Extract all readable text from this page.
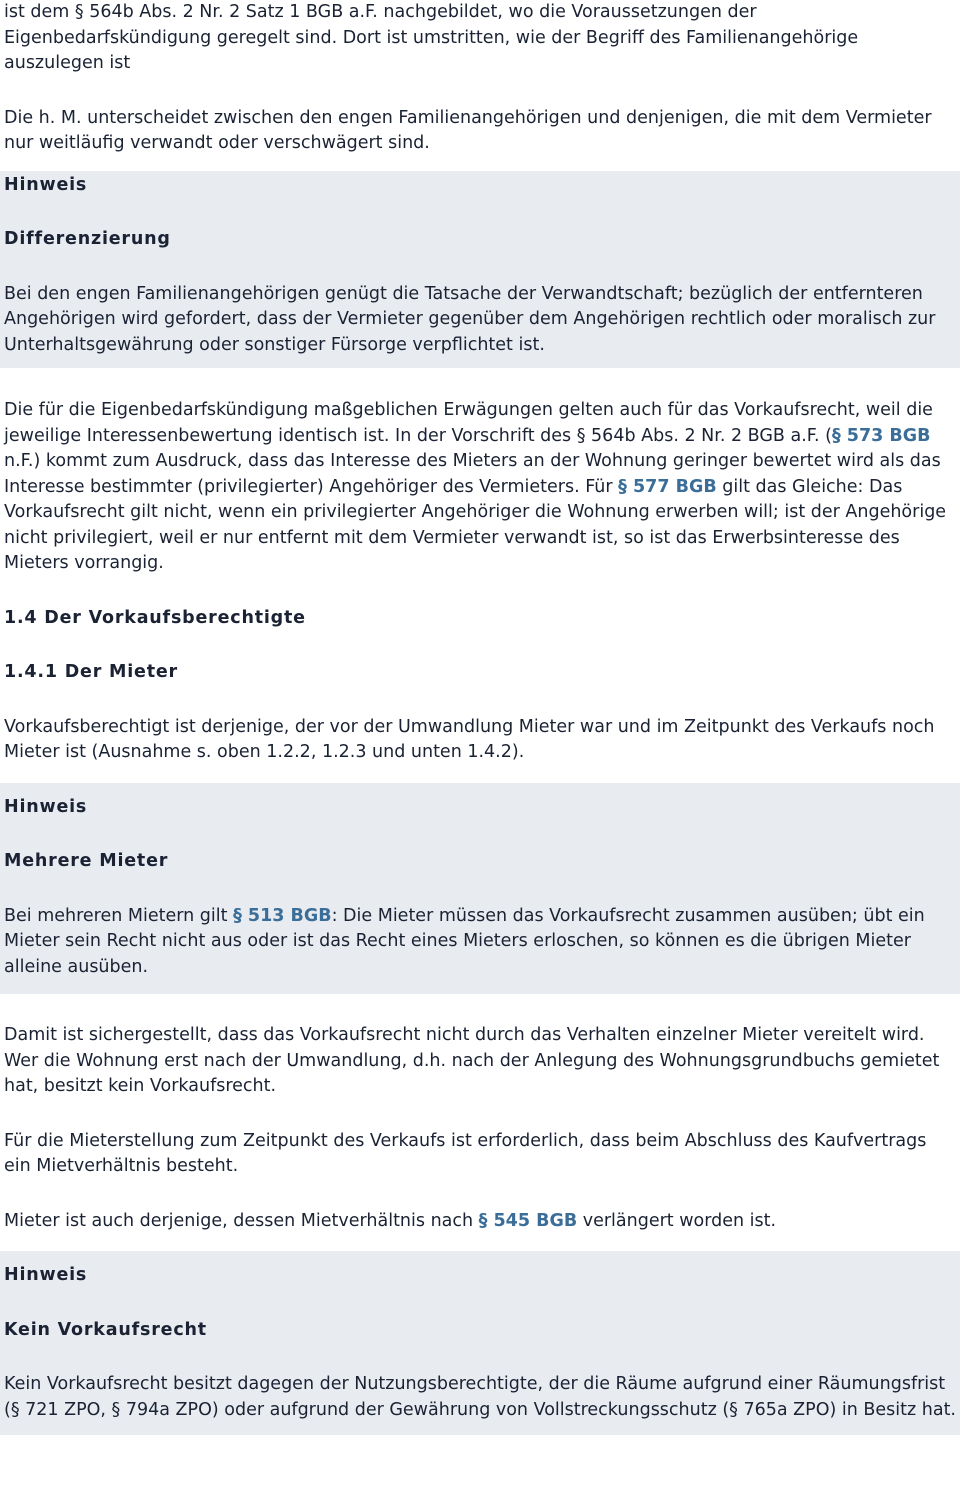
ist dem § 564b Abs. 2 Nr. 2 Satz 1 BGB a.F. nachgebildet, wo die Voraussetzungen der Eigenbedarfskündigung geregelt sind. Dort ist umstritten, wie der Begriff des Familienangehörige auszulegen ist

Die h. M. unterscheidet zwischen den engen Familienangehörigen und denjenigen, die mit dem Vermieter nur weitläufig verwandt oder verschwägert sind.

Hinweis

Differenzierung

Bei den engen Familienangehörigen genügt die Tatsache der Verwandtschaft; bezüglich der entfernteren Angehörigen wird gefordert, dass der Vermieter gegenüber dem Angehörigen rechtlich oder moralisch zur Unterhaltsgewährung oder sonstiger Fürsorge verpflichtet ist.

Die für die Eigenbedarfskündigung maßgeblichen Erwägungen gelten auch für das Vorkaufsrecht, weil die jeweilige Interessenbewertung identisch ist. In der Vorschrift des § 564b Abs. 2 Nr. 2 BGB a.F. (§ 573 BGB n.F.) kommt zum Ausdruck, dass das Interesse des Mieters an der Wohnung geringer bewertet wird als das Interesse bestimmter (privilegierter) Angehöriger des Vermieters. Für § 577 BGB gilt das Gleiche: Das Vorkaufsrecht gilt nicht, wenn ein privilegierter Angehöriger die Wohnung erwerben will; ist der Angehörige nicht privilegiert, weil er nur entfernt mit dem Vermieter verwandt ist, so ist das Erwerbsinteresse des Mieters vorrangig.

1.4 Der Vorkaufsberechtigte

1.4.1 Der Mieter

Vorkaufsberechtigt ist derjenige, der vor der Umwandlung Mieter war und im Zeitpunkt des Verkaufs noch Mieter ist (Ausnahme s. oben 1.2.2, 1.2.3 und unten 1.4.2).

Hinweis

Mehrere Mieter

Bei mehreren Mietern gilt § 513 BGB: Die Mieter müssen das Vorkaufsrecht zusammen ausüben; übt ein Mieter sein Recht nicht aus oder ist das Recht eines Mieters erloschen, so können es die übrigen Mieter alleine ausüben.

Damit ist sichergestellt, dass das Vorkaufsrecht nicht durch das Verhalten einzelner Mieter vereitelt wird. Wer die Wohnung erst nach der Umwandlung, d.h. nach der Anlegung des Wohnungsgrundbuchs gemietet hat, besitzt kein Vorkaufsrecht.

Für die Mieterstellung zum Zeitpunkt des Verkaufs ist erforderlich, dass beim Abschluss des Kaufvertrags ein Mietverhältnis besteht.

Mieter ist auch derjenige, dessen Mietverhältnis nach § 545 BGB verlängert worden ist.

Hinweis

Kein Vorkaufsrecht

Kein Vorkaufsrecht besitzt dagegen der Nutzungsberechtigte, der die Räume aufgrund einer Räumungsfrist (§ 721 ZPO, § 794a ZPO) oder aufgrund der Gewährung von Vollstreckungsschutz (§ 765a ZPO) in Besitz hat.
